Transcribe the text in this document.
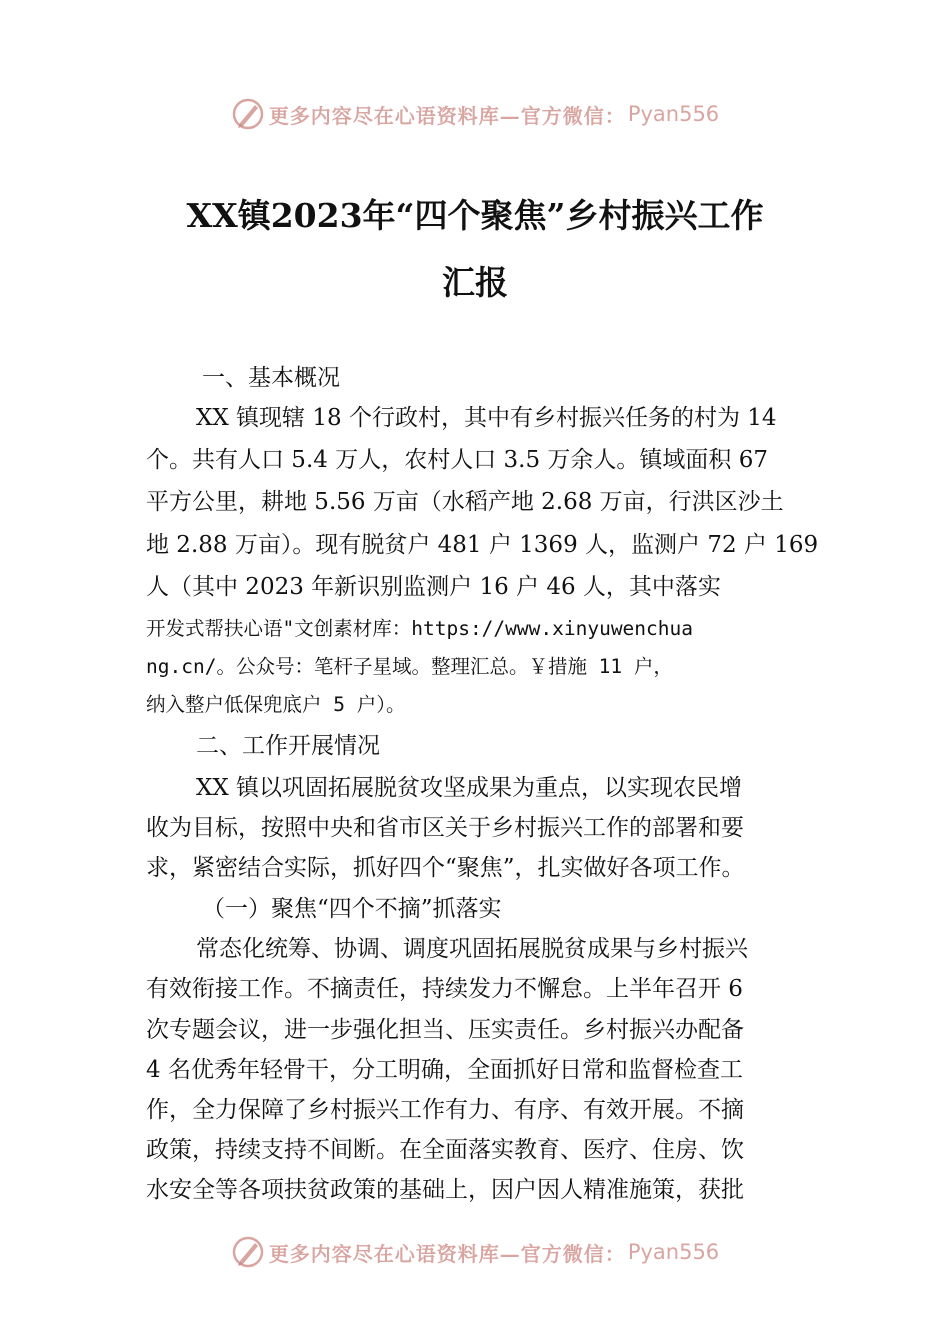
更多内容尽在心语资料库—官方微信： Pyan556
XX镇2023年“四个聚焦”乡村振兴工作
汇报
一、基本概况
XX 镇现辖 18 个行政村，其中有乡村振兴任务的村为 14
个。共有人口 5.4 万人，农村人口 3.5 万余人。镇域面积 67
平方公里，耕地 5.56 万亩（水稻产地 2.68 万亩，行洪区沙土
地 2.88 万亩）。现有脱贫户 481 户 1369 人，监测户 72 户 169
人（其中 2023 年新识别监测户 16 户 46 人，其中落实
开发式帮扶心语"文创素材库：https://www.xinyuwenchua
ng.cn/。公众号：笔杆子星域。整理汇总。￥措施 11 户，
纳入整户低保兜底户 5 户）。
二、工作开展情况
XX 镇以巩固拓展脱贫攻坚成果为重点，以实现农民增
收为目标，按照中央和省市区关于乡村振兴工作的部署和要
求，紧密结合实际，抓好四个“聚焦”，扎实做好各项工作。
（一）聚焦“四个不摘”抓落实
常态化统筹、协调、调度巩固拓展脱贫成果与乡村振兴
有效衔接工作。不摘责任，持续发力不懈怠。上半年召开 6
次专题会议，进一步强化担当、压实责任。乡村振兴办配备
4 名优秀年轻骨干，分工明确，全面抓好日常和监督检查工
作，全力保障了乡村振兴工作有力、有序、有效开展。不摘
政策，持续支持不间断。在全面落实教育、医疗、住房、饮
水安全等各项扶贫政策的基础上，因户因人精准施策，获批
更多内容尽在心语资料库—官方微信： Pyan556
